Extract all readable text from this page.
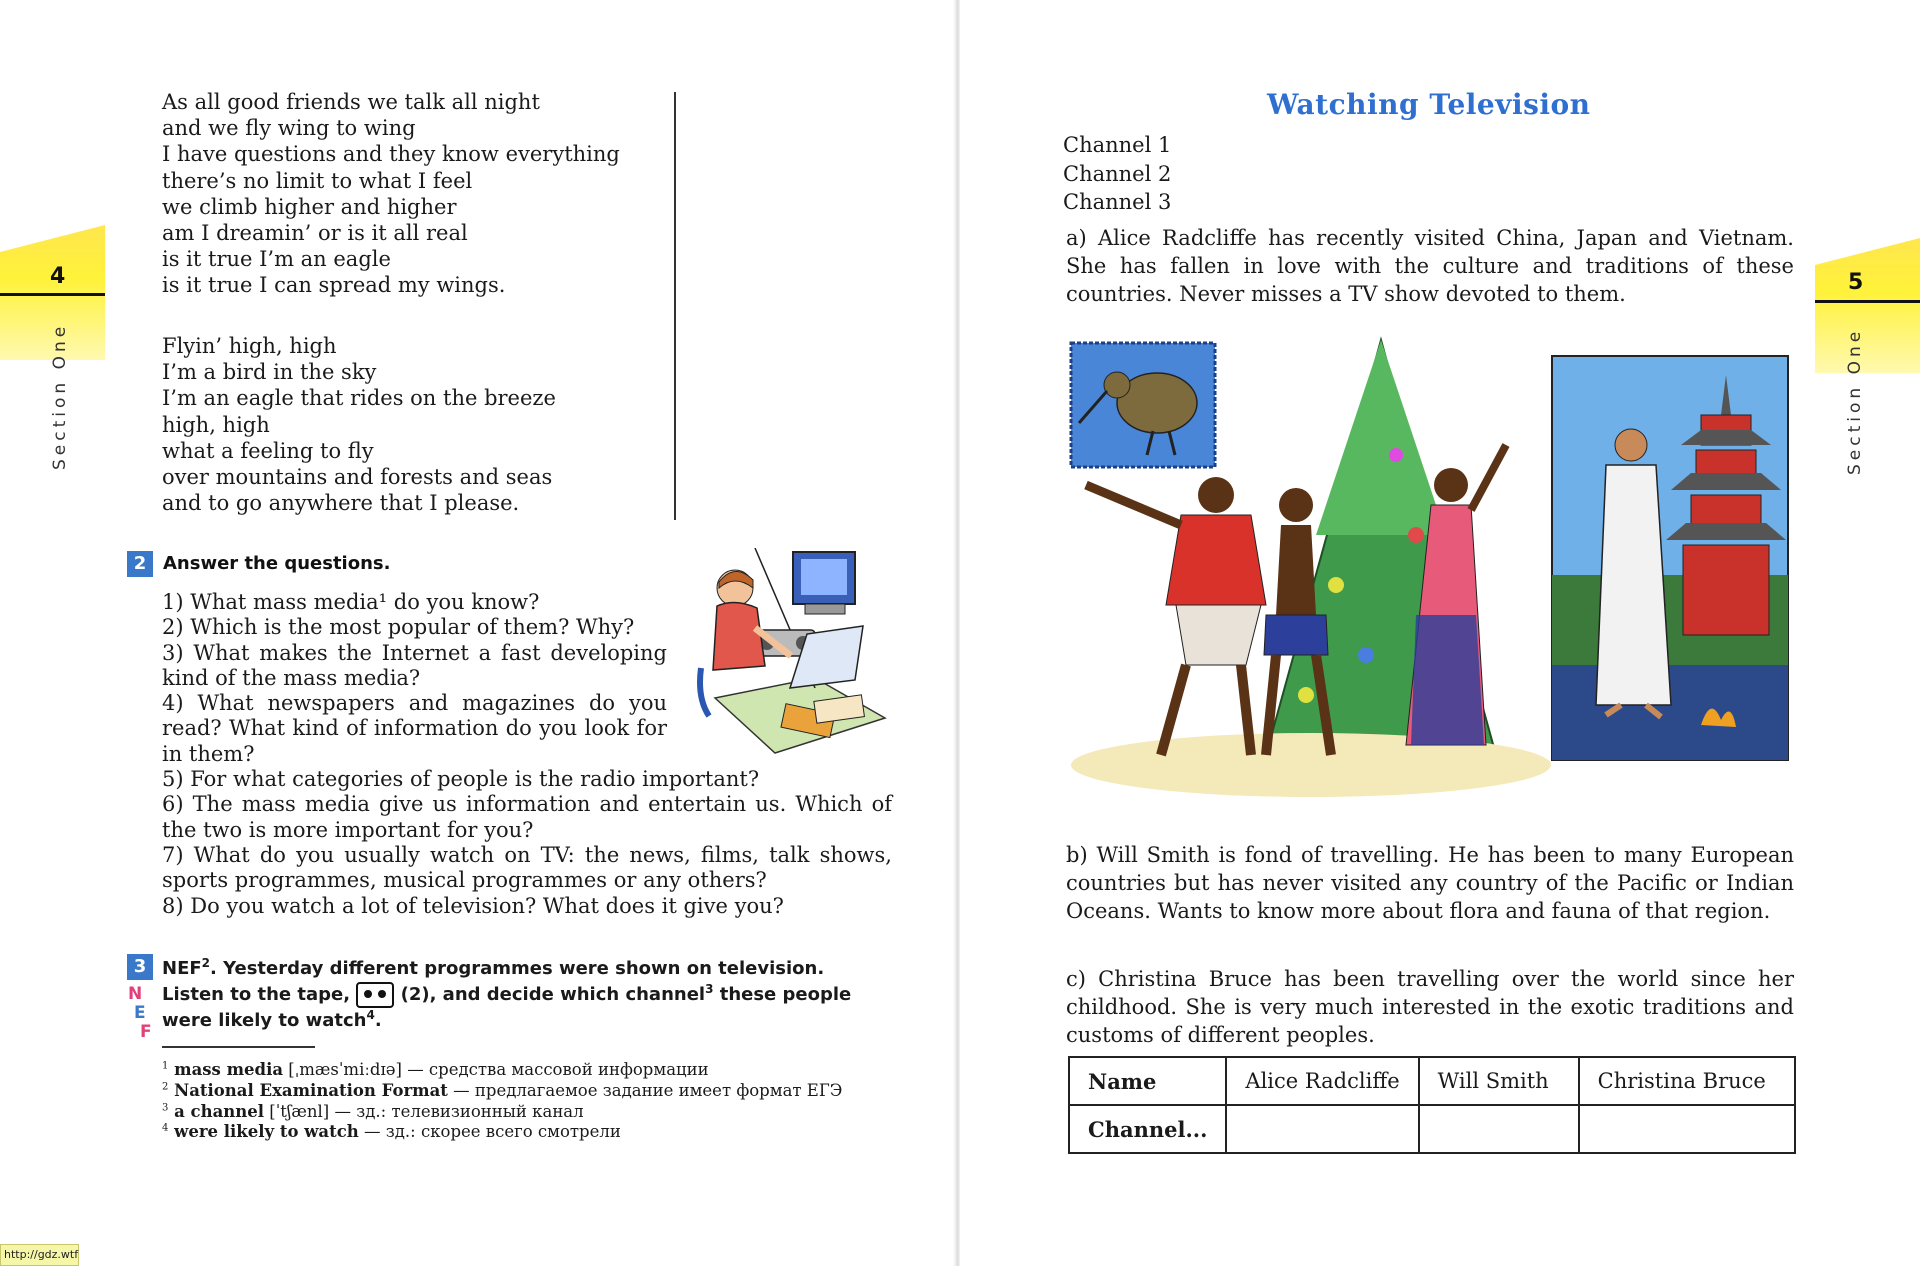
4
Section One
As all good friends we talk all night
and we fly wing to wing
I have questions and they know everything
there’s no limit to what I feel
we climb higher and higher
am I dreamin’ or is it all real
is it true I’m an eagle
is it true I can spread my wings.
Flyin’ high, high
I’m a bird in the sky
I’m an eagle that rides on the breeze
high, high
what a feeling to fly
over mountains and forests and seas
and to go anywhere that I please.
2 Answer the questions.
1) What mass media¹ do you know?
2) Which is the most popular of them? Why?
3) What makes the Internet a fast developing kind of the mass media?
4) What newspapers and magazines do you read? What kind of information do you look for in them?
5) For what categories of people is the radio important?
6) The mass media give us information and entertain us. Which of the two is more important for you?
7) What do you usually watch on TV: the news, films, talk shows, sports programmes, musical programmes or any others?
8) Do you watch a lot of television? What does it give you?
3
N
E
F
NEF$^2$. Yesterday different programmes were shown on television. Listen to the tape,  (2), and decide which channel$^3$ these people were likely to watch$^4$.
$^1$ mass media [ˌmæsˈmiːdɪə] — средства массовой информации
$^2$ National Examination Format — предлагаемое задание имеет формат ЕГЭ
$^3$ a channel [ˈtʃænl] — зд.: телевизионный канал
$^4$ were likely to watch — зд.: скорее всего смотрели
http://gdz.wtf
5
Section One
Watching Television
Channel 1
Channel 2
Channel 3
a) Alice Radcliffe has recently visited China, Japan and Vietnam. She has fallen in love with the culture and traditions of these countries. Never misses a TV show devoted to them.
b) Will Smith is fond of travelling. He has been to many European countries but has never visited any country of the Pacific or Indian Oceans. Wants to know more about flora and fauna of that region.
c) Christina Bruce has been travelling over the world since her childhood. She is very much interested in the exotic traditions and customs of different peoples.
Name	Alice Radcliffe	Will Smith	Christina Bruce
Channel...			
